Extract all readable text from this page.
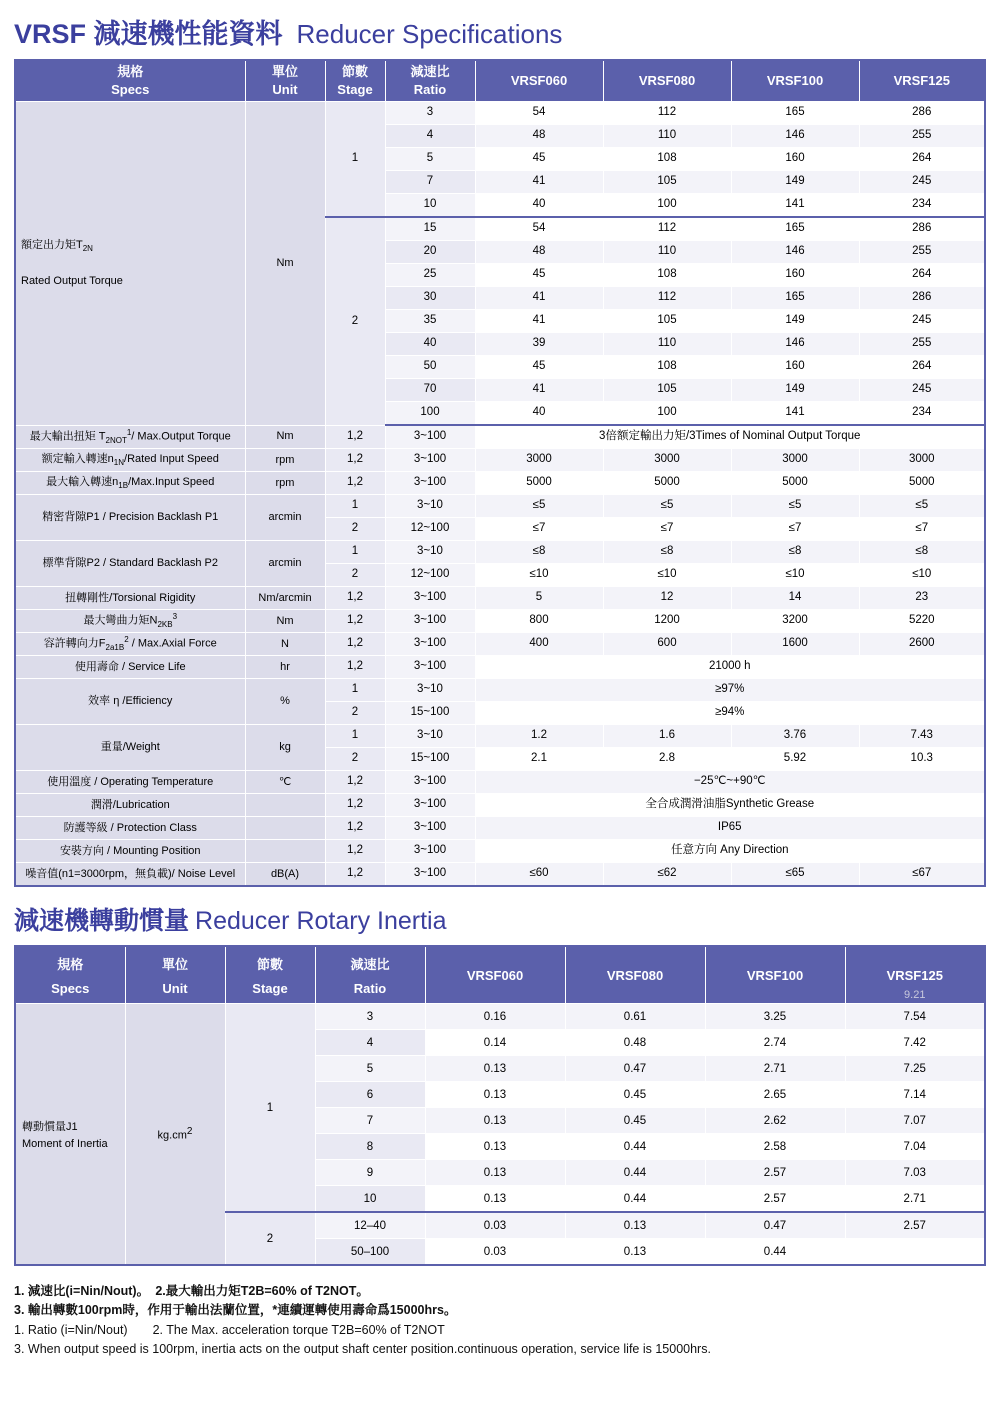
VRSF 減速機性能資料 Reducer Specifications
規格
Specs

單位
Unit

節數
Stage

減速比
Ratio
	VRSF060	VRSF080	VRSF100	VRSF125

額定出力矩$T_{2N}$
Rated Output Torque	Nm	1	3	54	112	165	286
			4	48	110	146	255
			5	45	108	160	264
			7	41	105	149	245
			10	40	100	141	234
		2	15	54	112	165	286
			20	48	110	146	255
			25	45	108	160	264
			30	41	112	165	286
			35	41	105	149	245
			40	39	110	146	255
			50	45	108	160	264
			70	41	105	149	245
			100	40	100	141	234
最大輸出扭矩 $T_{2NOT}^1/$ Max.Output Torque	Nm	1,2	3~100	3倍额定輸出力矩/3Times of Nominal Output Torque			
额定輸入轉速$n_{1N}$/Rated Input Speed	rpm	1,2	3~100	3000	3000	3000	3000
最大輸入轉速$n_{1B}/Max.Input$ Speed	rpm	1,2	3~100	5000	5000	5000	5000
精密背隙P1 / Precision Backlash P1	arcmin	1	3~10	≤5	≤5	≤5	≤5
		2	12~100	≤7	≤7	≤7	≤7
標準背隙P2 / Standard Backlash P2	arcmin	1	3~10	≤8	≤8	≤8	≤8
		2	12~100	≤10	≤10	≤10	≤10
扭轉剛性/Torsional Rigidity	Nm/arcmin	1,2	3~100	5	12	14	23
最大彎曲力矩$N_{2KB}^3$	Nm	1,2	3~100	800	1200	3200	5220
容許轉向力$F_{2a1B}^2$ / Max.Axial Force	N	1,2	3~100	400	600	1600	2600
使用壽命 / Service Life	hr	1,2	3~100	21000 h			
效率 η /Efficiency	%	1	3~10	≥97%			
		2	15~100	≥94%			
重量/Weight	kg	1	3~10	1.2	1.6	3.76	7.43
		2	15~100	2.1	2.8	5.92	10.3
使用溫度 / Operating Temperature	℃	1,2	3~100	−25℃~+90℃			
潤滑/Lubrication		1,2	3~100	全合成潤滑油脂Synthetic Grease			
防護等級 / Protection Class		1,2	3~100	IP65			
安裝方向 / Mounting Position		1,2	3~100	任意方向 Any Direction			
噪音值(n1=3000rpm，無負載)/ Noise Level	dB(A)	1,2	3~100	≤60	≤62	≤65	≤67
減速機轉動慣量 Reducer Rotary Inertia
規格
Specs

單位
Unit

節數
Stage

減速比
Ratio
	VRSF060	VRSF080	VRSF100	VRSF125
9.21

轉動慣量J1
Moment of Inertia	kg.cm2	1	3	0.16	0.61	3.25	7.54
			4	0.14	0.48	2.74	7.42
			5	0.13	0.47	2.71	7.25
			6	0.13	0.45	2.65	7.14
			7	0.13	0.45	2.62	7.07
			8	0.13	0.44	2.58	7.04
			9	0.13	0.44	2.57	7.03
			10	0.13	0.44	2.57	2.71
		2	12–40	0.03	0.13	0.47	2.57
			50–100	0.03	0.13	0.44	
1. 減速比(i=Nin/Nout)。　2.最大輸出力矩T2B=60% of T2NOT。
3. 輸出轉數100rpm時，作用于輸出法蘭位置，*連續運轉使用壽命爲15000hrs。
1. Ratio (i=Nin/Nout)　　2. The Max. acceleration torque T2B=60% of T2NOT
3. When output speed is 100rpm, inertia acts on the output shaft center position.continuous operation, service life is 15000hrs.
